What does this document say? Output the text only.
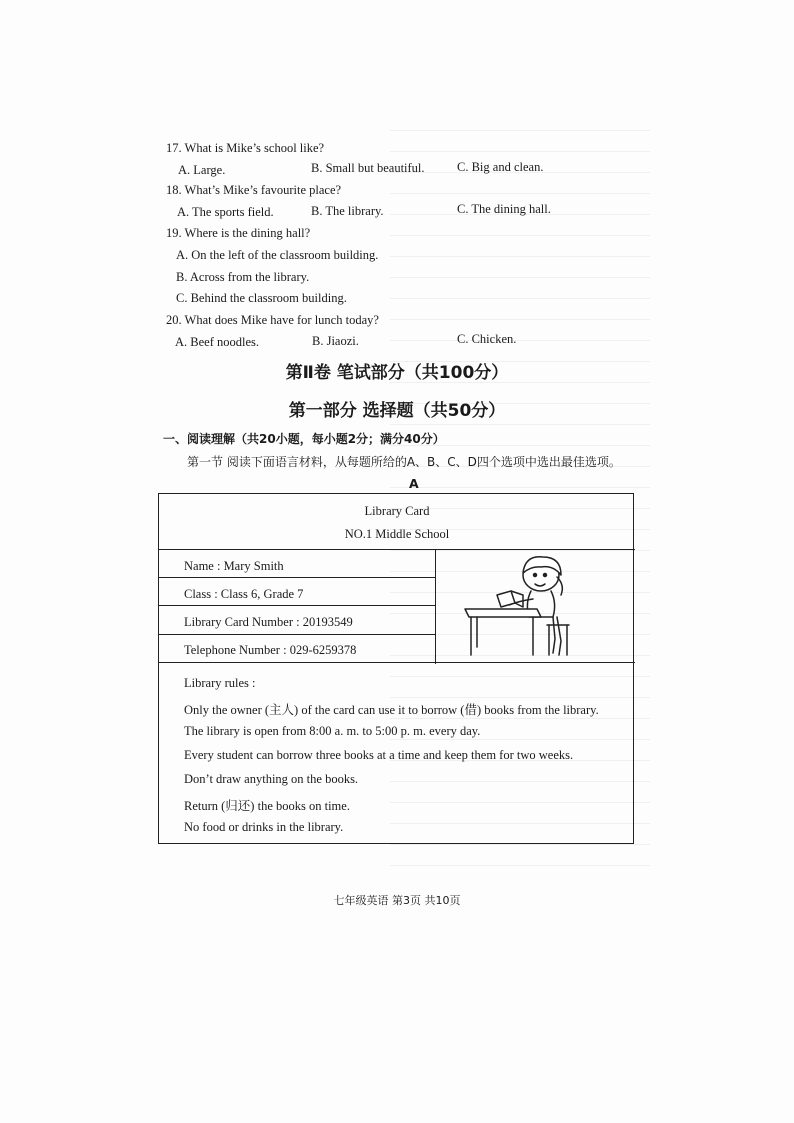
17. What is Mike’s school like?
A. Large.	B. Small but beautiful.	C. Big and clean.
18. What’s Mike’s favourite place?
A. The sports field.	B. The library.	C. The dining hall.
19. Where is the dining hall?
A. On the left of the classroom building.
B. Across from the library.
C. Behind the classroom building.
20. What does Mike have for lunch today?
A. Beef noodles.	B. Jiaozi.	C. Chicken.
第Ⅱ卷 笔试部分（共100分）
第一部分 选择题（共50分）
一、阅读理解（共20小题，每小题2分；满分40分）
第一节 阅读下面语言材料，从每题所给的A、B、C、D四个选项中选出最佳选项。
A
Library Card
NO.1 Middle School
Name : Mary Smith
Class : Class 6, Grade 7
Library Card Number : 20193549
Telephone Number : 029-6259378
Library rules :
Only the owner (主人) of the card can use it to borrow (借) books from the library.
The library is open from 8:00 a. m. to 5:00 p. m. every day.
Every student can borrow three books at a time and keep them for two weeks.
Don’t draw anything on the books.
Return (归还) the books on time.
No food or drinks in the library.
七年级英语 第3页 共10页
